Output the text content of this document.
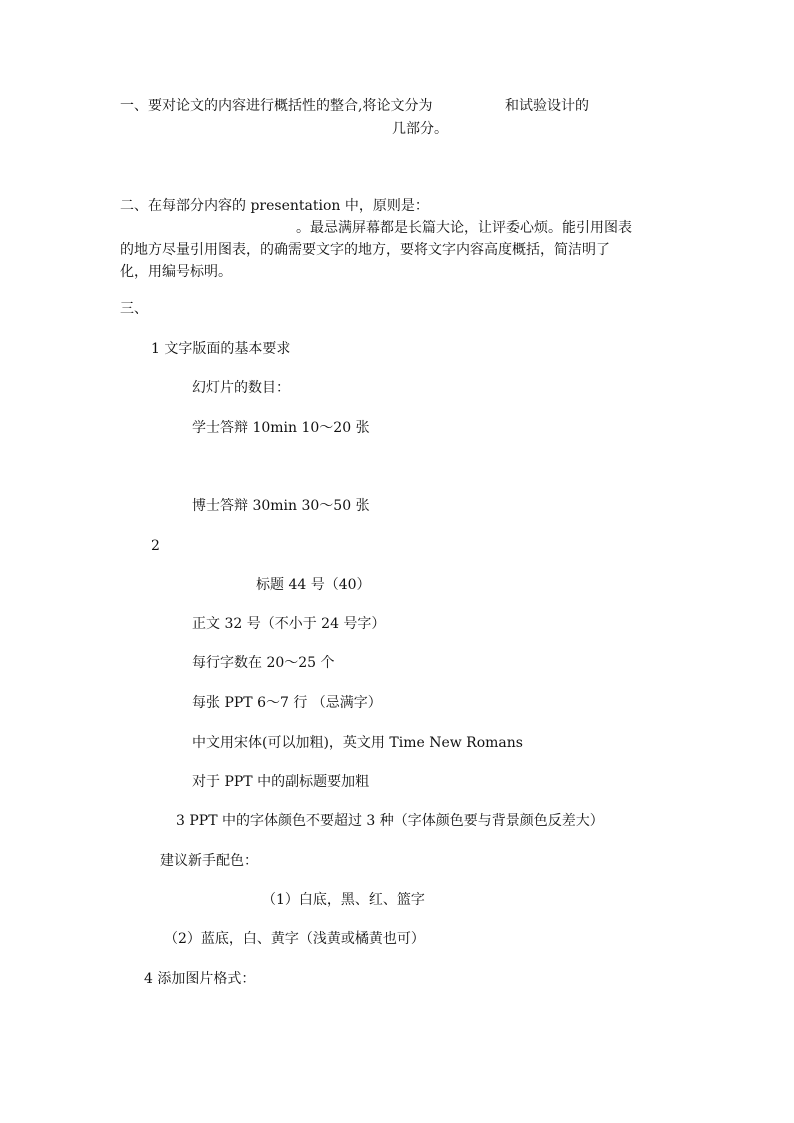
一、要对论文的内容进行概括性的整合,将论文分为	和试验设计的
几部分。
二、在每部分内容的 presentation 中，原则是：
。最忌满屏幕都是长篇大论，让评委心烦。能引用图表
的地方尽量引用图表，的确需要文字的地方，要将文字内容高度概括，简洁明了
化，用编号标明。
三、
1 文字版面的基本要求
幻灯片的数目：
学士答辩 10min 10～20 张
博士答辩 30min 30～50 张
2
标题 44 号（40）
正文 32 号（不小于 24 号字）
每行字数在 20～25 个
每张 PPT 6～7 行 （忌满字）
中文用宋体(可以加粗)，英文用 Time New Romans
对于 PPT 中的副标题要加粗
3 PPT 中的字体颜色不要超过 3 种（字体颜色要与背景颜色反差大）
建议新手配色：
（1）白底，黑、红、篮字
（2）蓝底，白、黄字（浅黄或橘黄也可）
4 添加图片格式：
